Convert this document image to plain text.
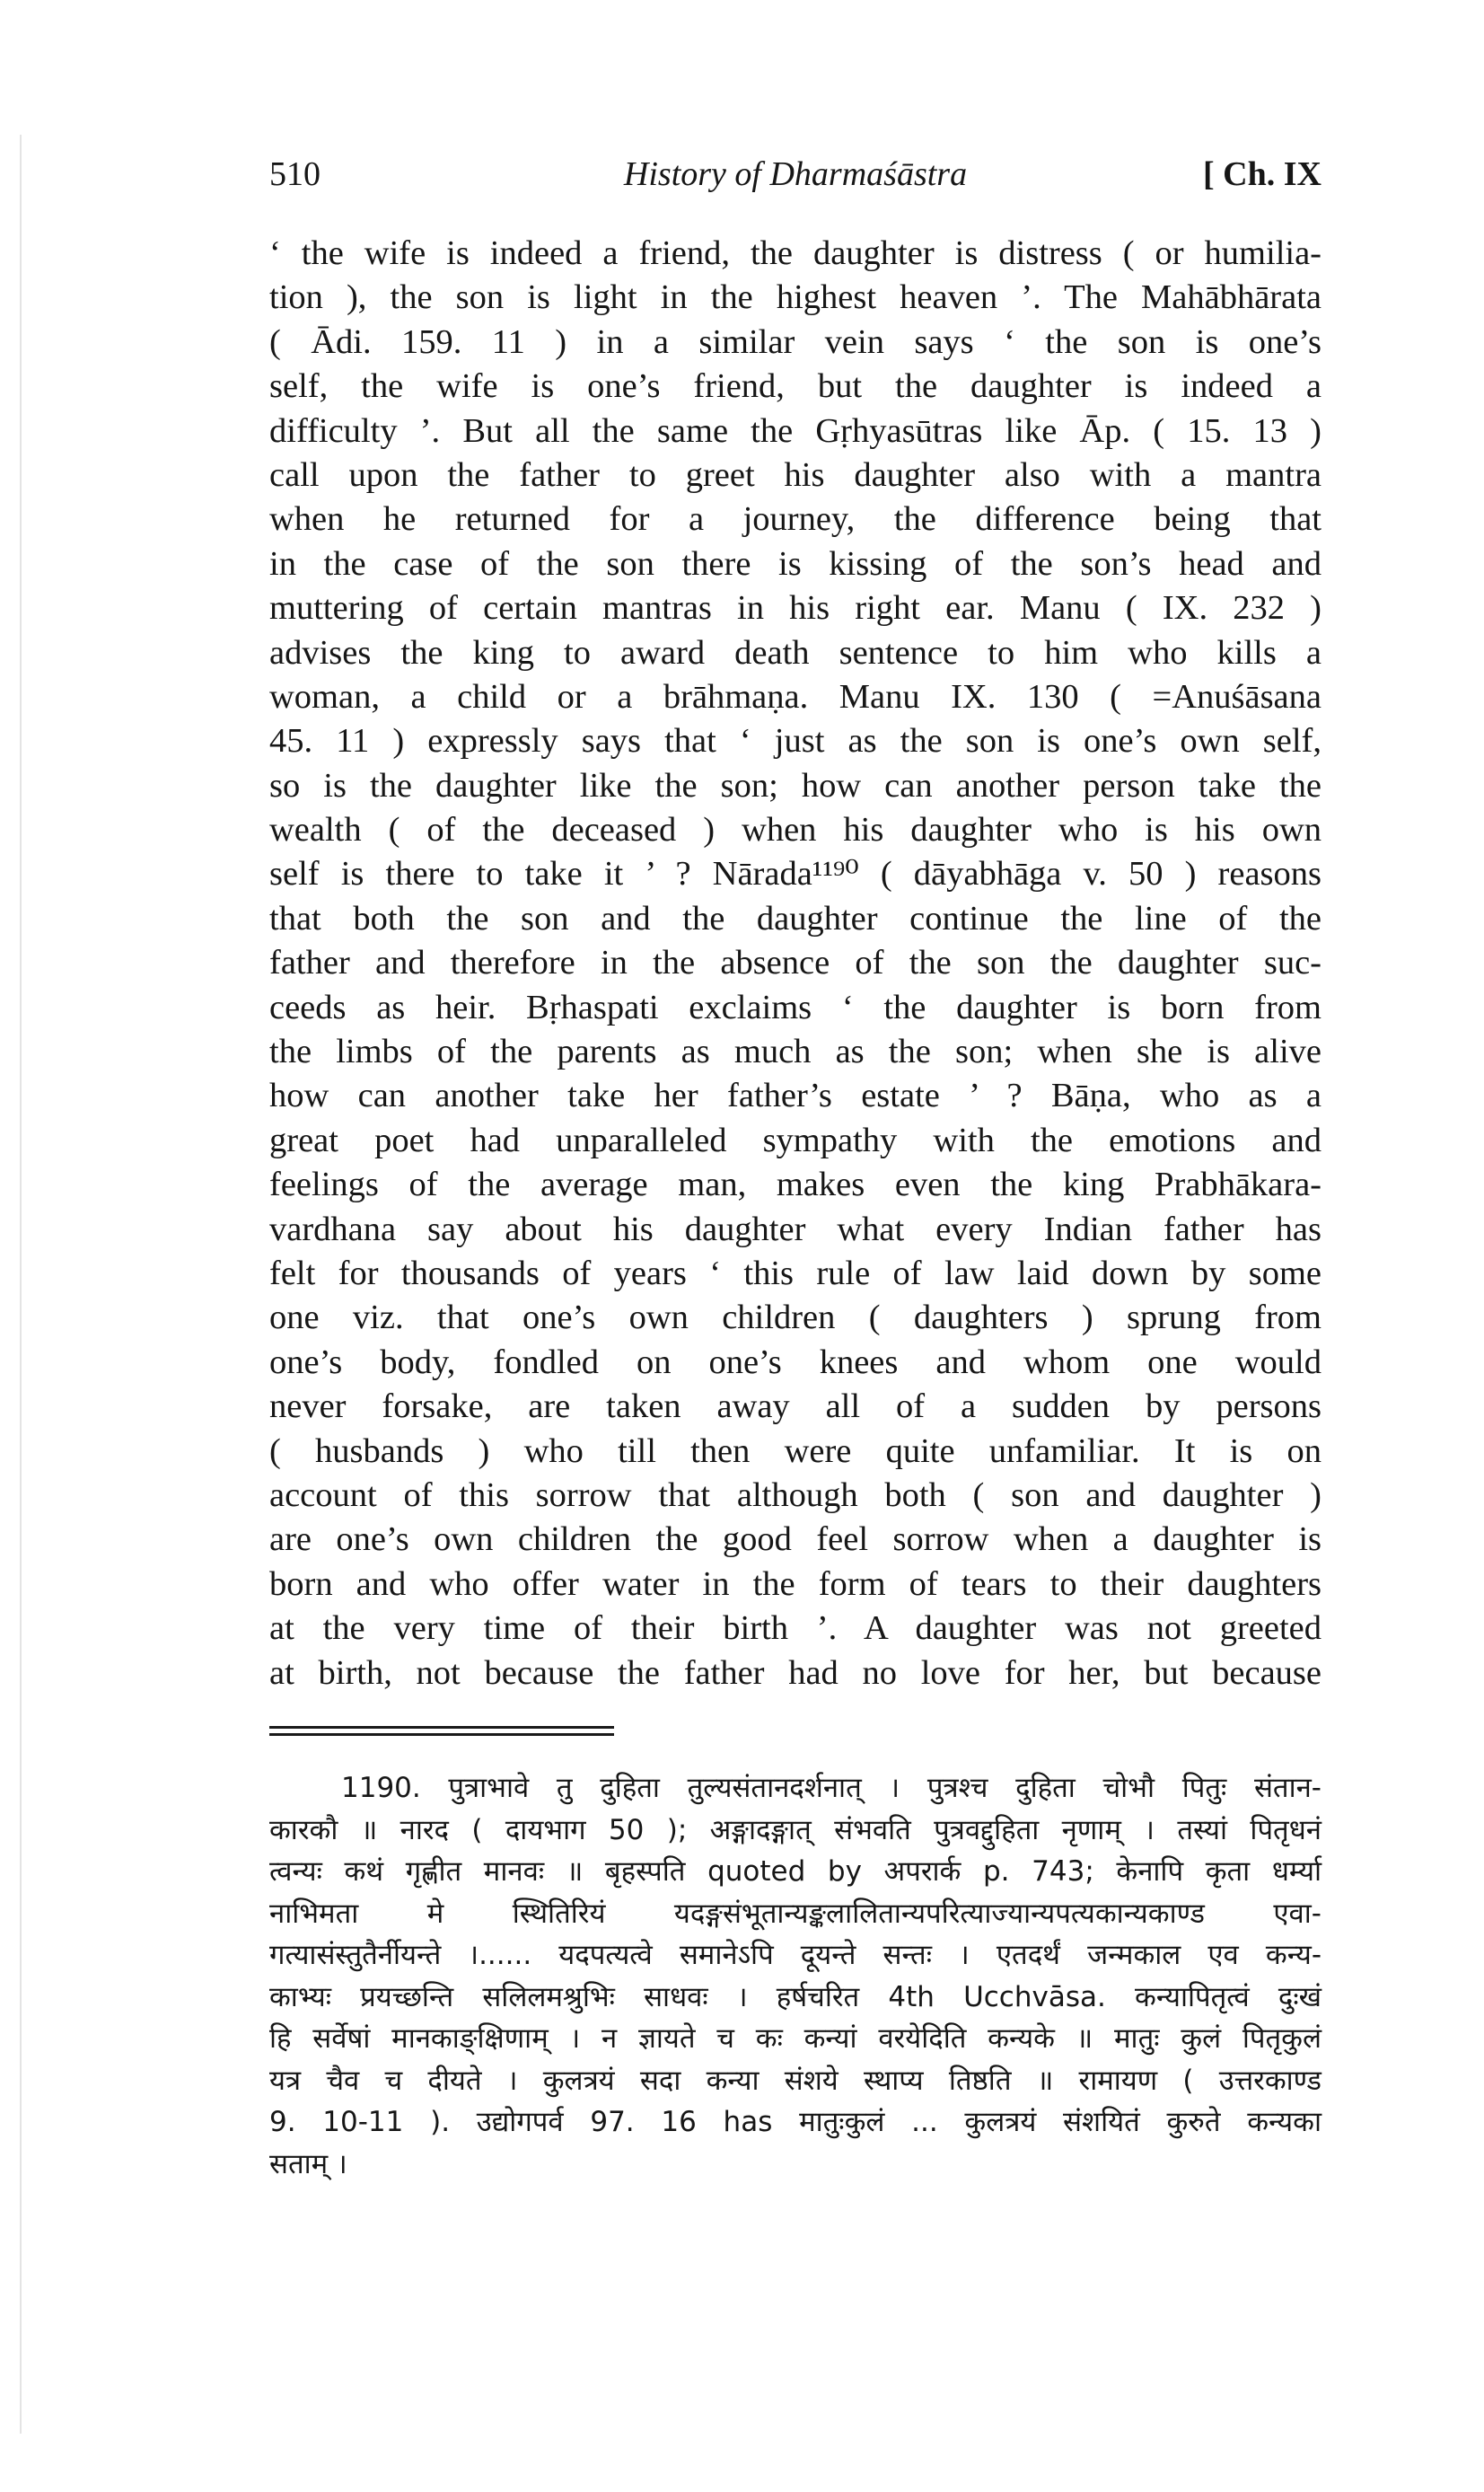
510	History of Dharmaśāstra	[ Ch. IX
‘ the wife is indeed a friend, the daughter is distress ( or humilia-
tion ), the son is light in the highest heaven ’. The Mahābhārata
( Ādi. 159. 11 ) in a similar vein says ‘ the son is one’s
self, the wife is one’s friend, but the daughter is indeed a
difficulty ’. But all the same the Gṛhyasūtras like Āp. ( 15. 13 )
call upon the father to greet his daughter also with a mantra
when he returned for a journey, the difference being that
in the case of the son there is kissing of the son’s head and
muttering of certain mantras in his right ear. Manu ( IX. 232 )
advises the king to award death sentence to him who kills a
woman, a child or a brāhmaṇa. Manu IX. 130 ( =Anuśāsana
45. 11 ) expressly says that ‘ just as the son is one’s own self,
so is the daughter like the son; how can another person take the
wealth ( of the deceased ) when his daughter who is his own
self is there to take it ’ ? Nārada¹¹⁹⁰ ( dāyabhāga v. 50 ) reasons
that both the son and the daughter continue the line of the
father and therefore in the absence of the son the daughter suc-
ceeds as heir. Bṛhaspati exclaims ‘ the daughter is born from
the limbs of the parents as much as the son; when she is alive
how can another take her father’s estate ’ ? Bāṇa, who as a
great poet had unparalleled sympathy with the emotions and
feelings of the average man, makes even the king Prabhākara-
vardhana say about his daughter what every Indian father has
felt for thousands of years ‘ this rule of law laid down by some
one viz. that one’s own children ( daughters ) sprung from
one’s body, fondled on one’s knees and whom one would
never forsake, are taken away all of a sudden by persons
( husbands ) who till then were quite unfamiliar. It is on
account of this sorrow that although both ( son and daughter )
are one’s own children the good feel sorrow when a daughter is
born and who offer water in the form of tears to their daughters
at the very time of their birth ’. A daughter was not greeted
at birth, not because the father had no love for her, but because
1190. पुत्राभावे तु दुहिता तुल्यसंतानदर्शनात् । पुत्रश्च दुहिता चोभौ पितुः संतान-
कारकौ ॥ नारद ( दायभाग 50 ); अङ्गादङ्गात् संभवति पुत्रवद्दुहिता नृणाम् । तस्यां पितृधनं
त्वन्यः कथं गृह्णीत मानवः ॥ बृहस्पति quoted by अपरार्क p. 743; केनापि कृता धर्म्या
नाभिमता मे स्थितिरियं यदङ्गसंभूतान्यङ्कलालितान्यपरित्याज्यान्यपत्यकान्यकाण्ड एवा-
गत्यासंस्तुतैर्नीयन्ते ।...... यदपत्यत्वे समानेऽपि दूयन्ते सन्तः । एतदर्थं जन्मकाल एव कन्य-
काभ्यः प्रयच्छन्ति सलिलमश्रुभिः साधवः । हर्षचरित 4th Ucchvāsa. कन्यापितृत्वं दुःखं
हि सर्वेषां मानकाङ्क्षिणाम् । न ज्ञायते च कः कन्यां वरयेदिति कन्यके ॥ मातुः कुलं पितृकुलं
यत्र चैव च दीयते । कुलत्रयं सदा कन्या संशये स्थाप्य तिष्ठति ॥ रामायण ( उत्तरकाण्ड
9. 10-11 ). उद्योगपर्व 97. 16 has मातुःकुलं ... कुलत्रयं संशयितं कुरुते कन्यका
सताम् ।
